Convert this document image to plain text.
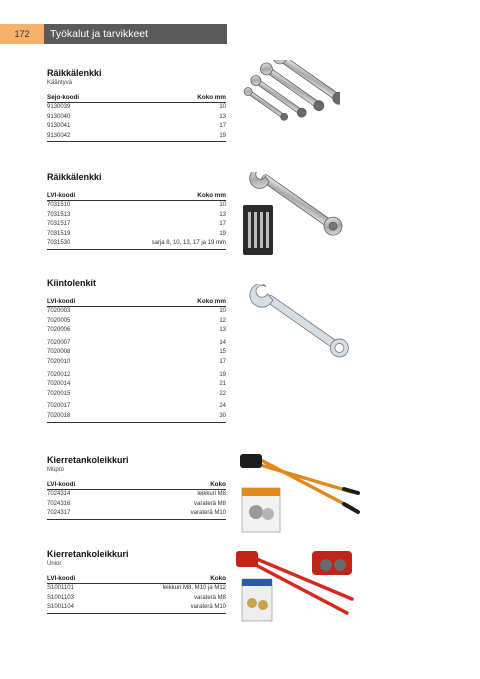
172	Työkalut ja tarvikkeet
Räikkälenkki
Kääntyvä
Sejo-koodi	Koko mm
9130039	10
9130040	13
9130041	17
9130042	19
Räikkälenkki
LVI-koodi	Koko mm
7031510	10
7031513	13
7031517	17
7031519	19
7031530	sarja 8, 10, 13, 17 ja 19 mm
Kiintolenkit
LVI-koodi	Koko mm
7020003	10
7020005	12
7020006	13
7020007	14
7020008	15
7020010	17
7020012	19
7020014	21
7020015	22
7020017	24
7020018	30
Kierretankoleikkuri
Müpro
LVI-koodi	Koko
7024314	leikkuri M8
7024316	varaterä M8
7024317	varaterä M10
Kierretankoleikkuri
Unior
LVI-koodi	Koko
S1001101	leikkuri M8, M10 ja M12
S1001103	varaterä M8
S1001104	varaterä M10
